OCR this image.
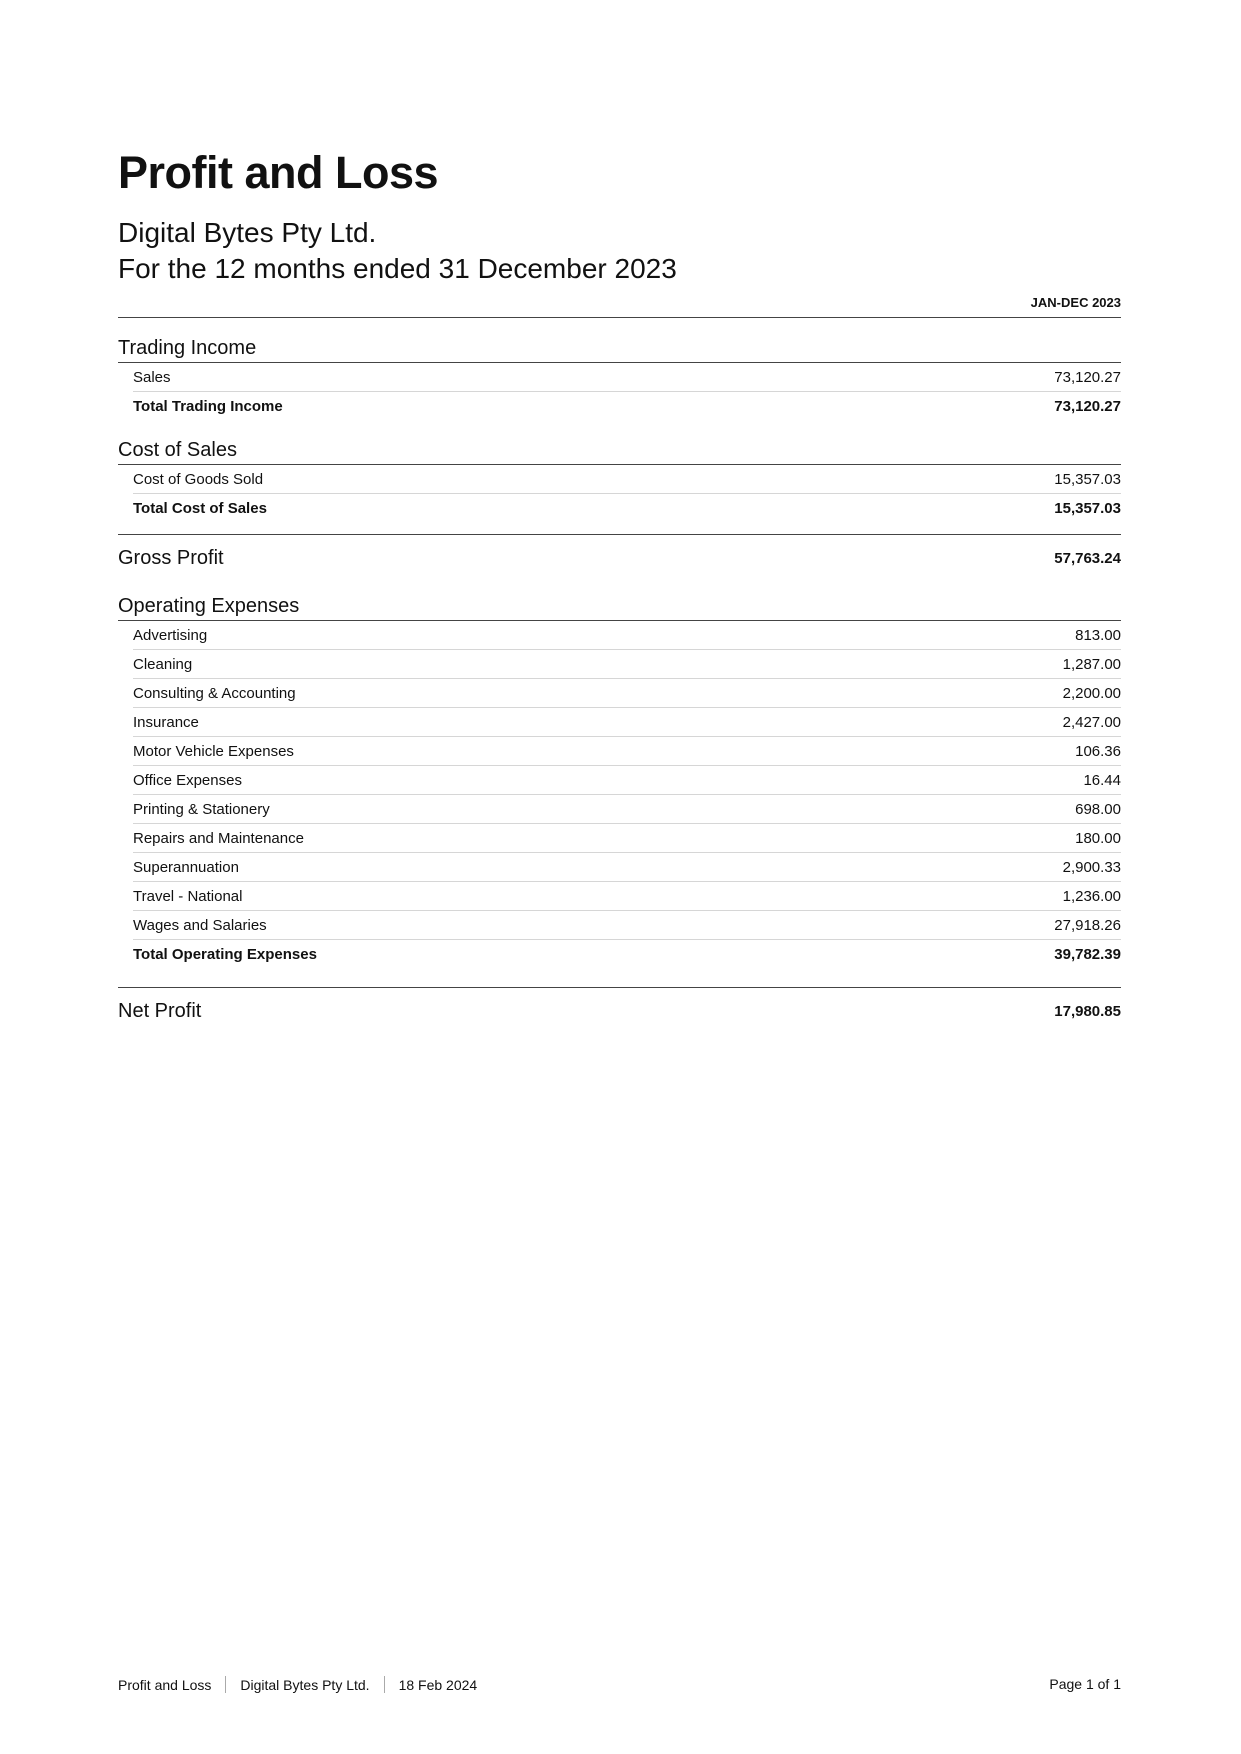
Profit and Loss
Digital Bytes Pty Ltd.
For the 12 months ended 31 December 2023
JAN-DEC 2023
Trading Income
Sales	73,120.27
Total Trading Income	73,120.27
Cost of Sales
Cost of Goods Sold	15,357.03
Total Cost of Sales	15,357.03
Gross Profit	57,763.24
Operating Expenses
Advertising	813.00
Cleaning	1,287.00
Consulting & Accounting	2,200.00
Insurance	2,427.00
Motor Vehicle Expenses	106.36
Office Expenses	16.44
Printing & Stationery	698.00
Repairs and Maintenance	180.00
Superannuation	2,900.33
Travel - National	1,236.00
Wages and Salaries	27,918.26
Total Operating Expenses	39,782.39
Net Profit	17,980.85
Profit and Loss Digital Bytes Pty Ltd. 18 Feb 2024	Page 1 of 1
